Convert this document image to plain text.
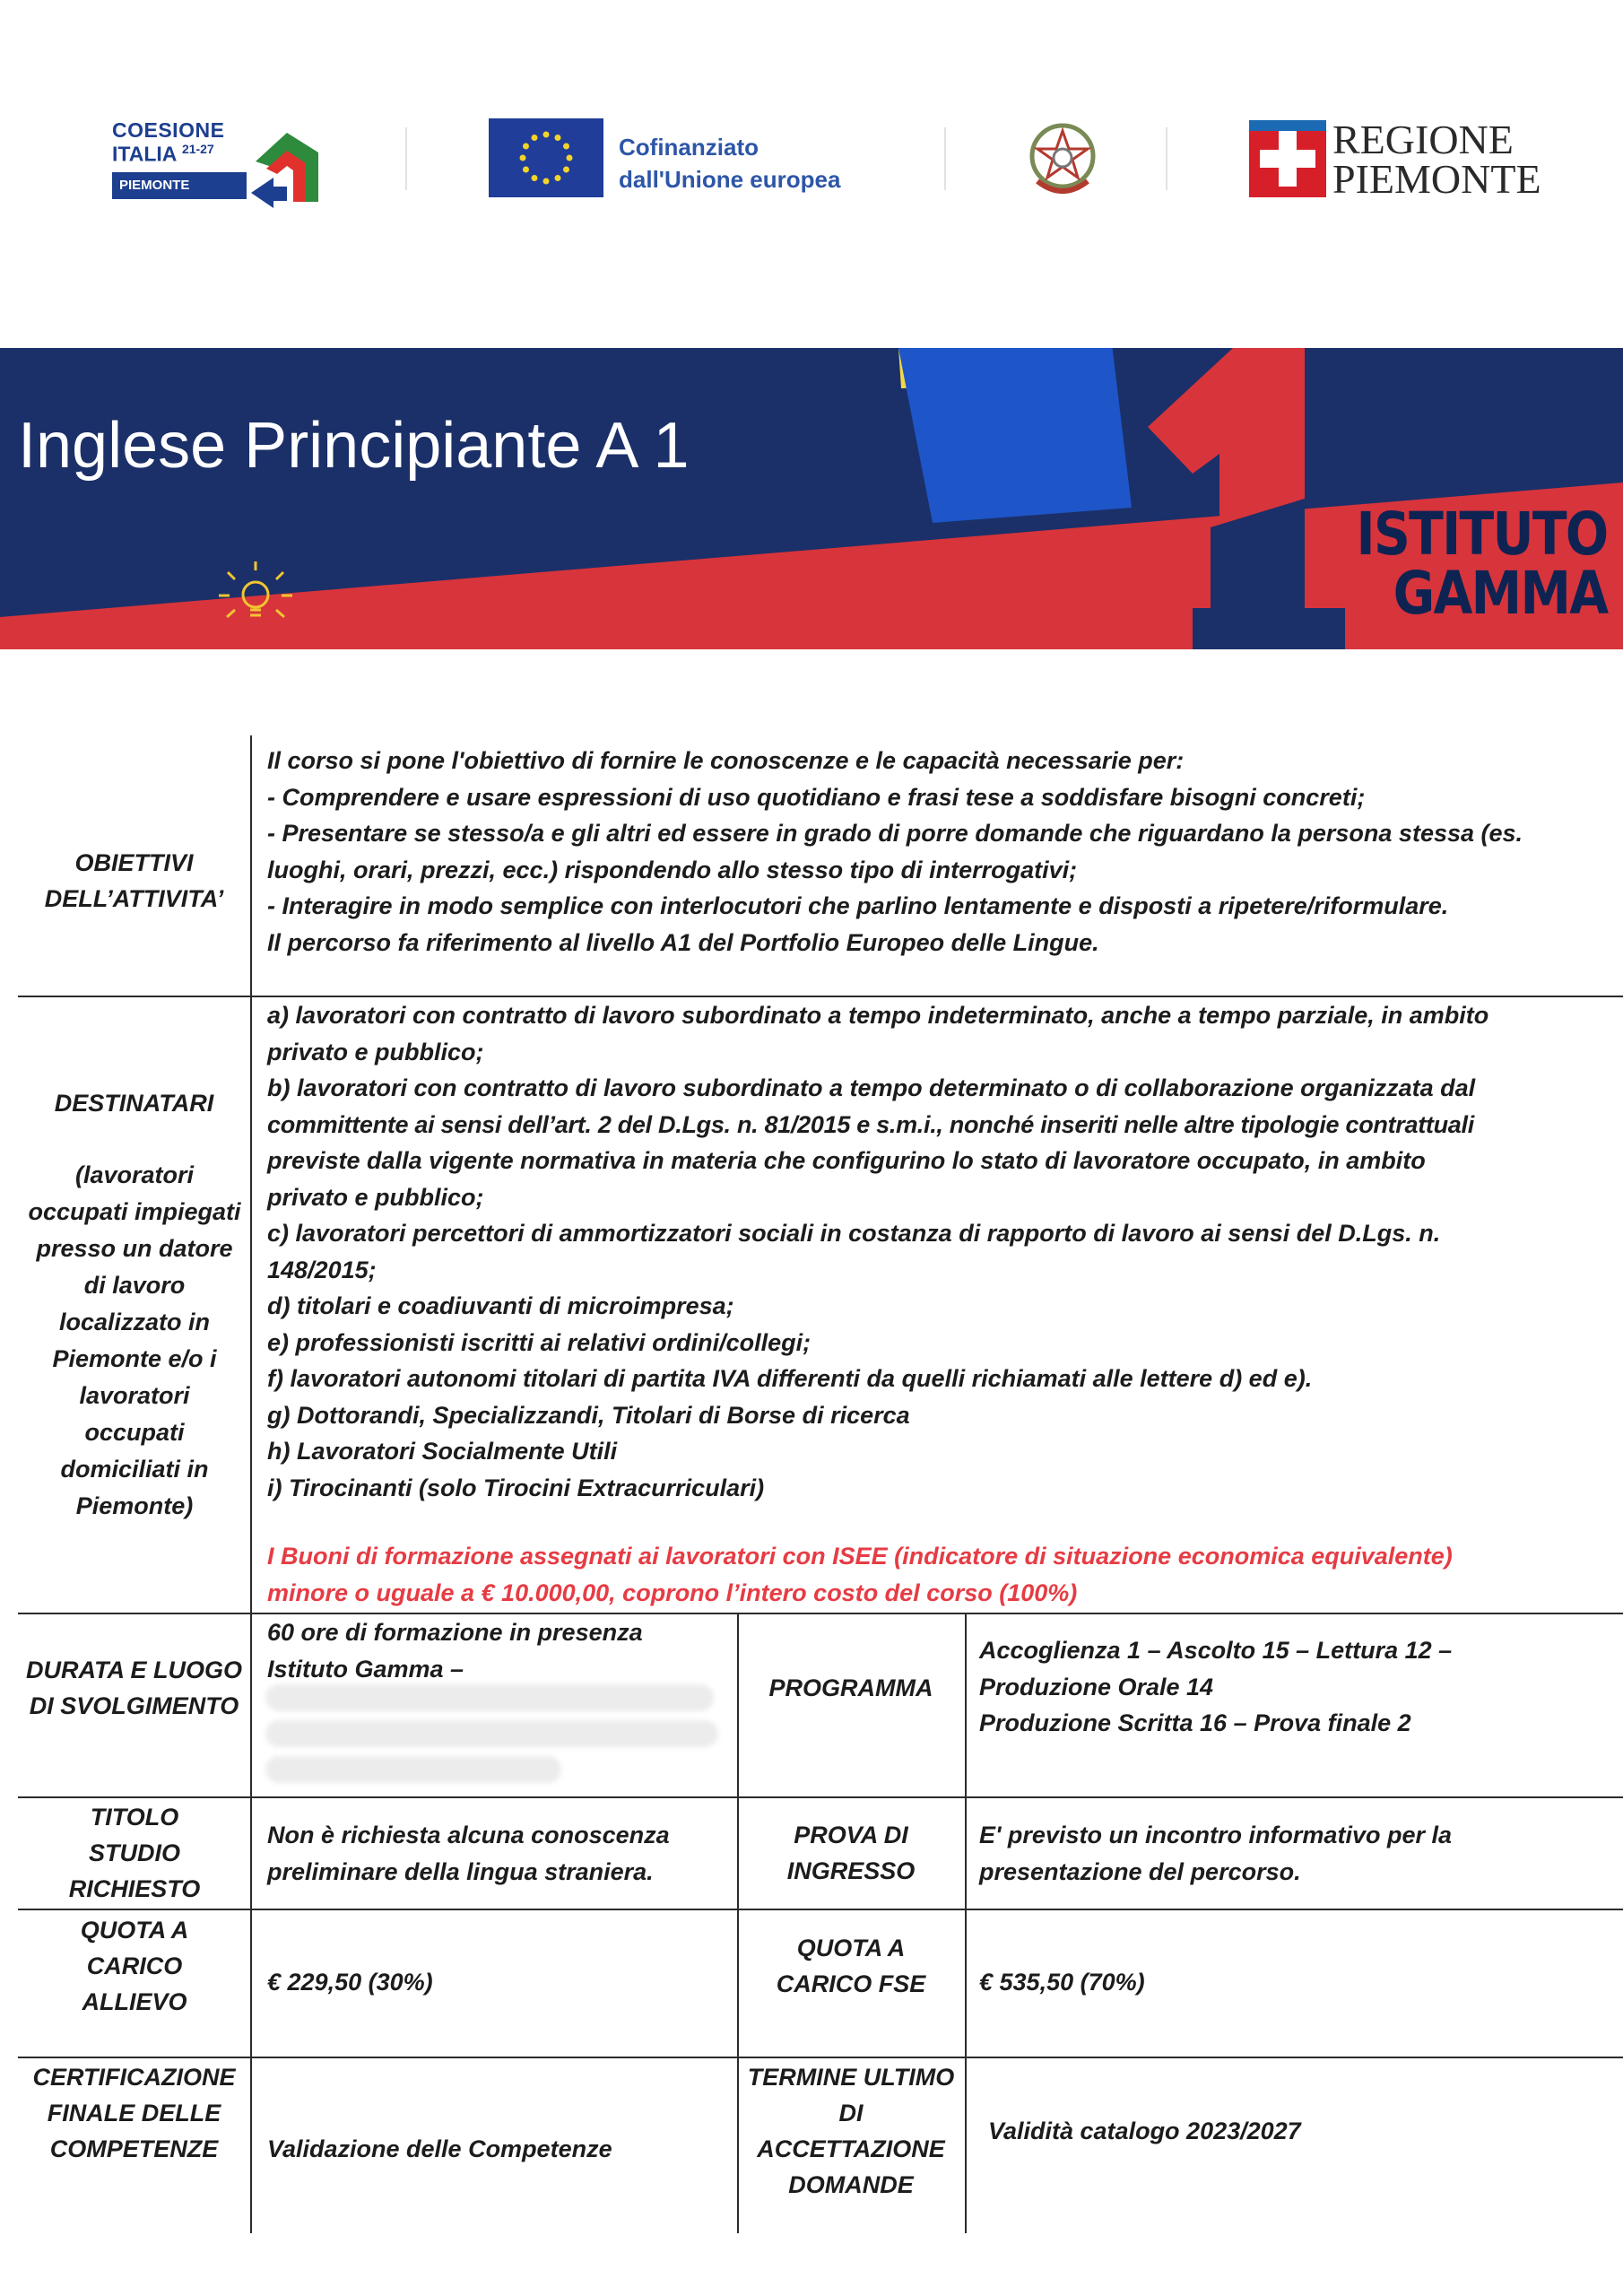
COESIONE
ITALIA $^{21-27}$
PIEMONTE
Cofinanziato
dall'Unione europea
REGIONE
PIEMONTE
Inglese Principiante A 1
ISTITUTO
GAMMA
OBIETTIVI DELL’ATTIVITA’
Il corso si pone l'obiettivo di fornire le conoscenze e le capacità necessarie per:
- Comprendere e usare espressioni di uso quotidiano e frasi tese a soddisfare bisogni concreti;
- Presentare se stesso/a e gli altri ed essere in grado di porre domande che riguardano la persona stessa (es.
luoghi, orari, prezzi, ecc.) rispondendo allo stesso tipo di interrogativi;
- Interagire in modo semplice con interlocutori che parlino lentamente e disposti a ripetere/riformulare.
Il percorso fa riferimento al livello A1 del Portfolio Europeo delle Lingue.
DESTINATARI
(lavoratori occupati impiegati presso un datore di lavoro localizzato in Piemonte e/o i lavoratori occupati domiciliati in Piemonte)
a) lavoratori con contratto di lavoro subordinato a tempo indeterminato, anche a tempo parziale, in ambito
privato e pubblico;
b) lavoratori con contratto di lavoro subordinato a tempo determinato o di collaborazione organizzata dal
committente ai sensi dell’art. 2 del D.Lgs. n. 81/2015 e s.m.i., nonché inseriti nelle altre tipologie contrattuali
previste dalla vigente normativa in materia che configurino lo stato di lavoratore occupato, in ambito
privato e pubblico;
c) lavoratori percettori di ammortizzatori sociali in costanza di rapporto di lavoro ai sensi del D.Lgs. n.
148/2015;
d) titolari e coadiuvanti di microimpresa;
e) professionisti iscritti ai relativi ordini/collegi;
f) lavoratori autonomi titolari di partita IVA differenti da quelli richiamati alle lettere d) ed e).
g) Dottorandi, Specializzandi, Titolari di Borse di ricerca
h) Lavoratori Socialmente Utili
i) Tirocinanti (solo Tirocini Extracurriculari)
I Buoni di formazione assegnati ai lavoratori con ISEE (indicatore di situazione economica equivalente)
minore o uguale a € 10.000,00, coprono l’intero costo del corso (100%)
DURATA E LUOGO DI SVOLGIMENTO
60 ore di formazione in presenza
Istituto Gamma –
PROGRAMMA
Accoglienza 1 – Ascolto 15 – Lettura 12 –
Produzione Orale 14
Produzione Scritta 16 – Prova finale 2
TITOLO STUDIO RICHIESTO
Non è richiesta alcuna conoscenza
preliminare della lingua straniera.
PROVA DI INGRESSO
E' previsto un incontro informativo per la
presentazione del percorso.
QUOTA A CARICO ALLIEVO
€ 229,50 (30%)
QUOTA A CARICO FSE € 535,50 (70%)
CERTIFICAZIONE FINALE DELLE COMPETENZE	Validazione delle Competenze
TERMINE ULTIMO DI ACCETTAZIONE DOMANDE
Validità catalogo 2023/2027
